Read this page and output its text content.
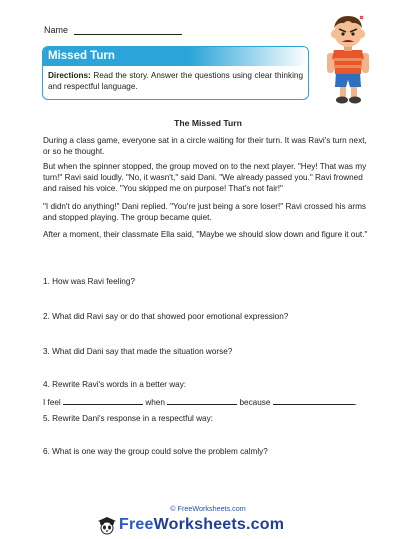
Name
Missed Turn
Directions: Read the story. Answer the questions using clear thinking and respectful language.
The Missed Turn
During a class game, everyone sat in a circle waiting for their turn. It was Ravi's turn next, or so he thought.
But when the spinner stopped, the group moved on to the next player. "Hey! That was my turn!" Ravi said loudly. "No, it wasn't," said Dani. "We already passed you." Ravi frowned and raised his voice. "You skipped me on purpose! That's not fair!"
"I didn't do anything!" Dani replied. "You're just being a sore loser!" Ravi crossed his arms and stopped playing. The group became quiet.
After a moment, their classmate Ella said, "Maybe we should slow down and figure it out."
1. How was Ravi feeling?
2. What did Ravi say or do that showed poor emotional expression?
3. What did Dani say that made the situation worse?
4. Rewrite Ravi's words in a better way:
I feel	when	because	.
5. Rewrite Dani's response in a respectful way:
6. What is one way the group could solve the problem calmly?
© FreeWorksheets.com
FreeWorksheets.com
